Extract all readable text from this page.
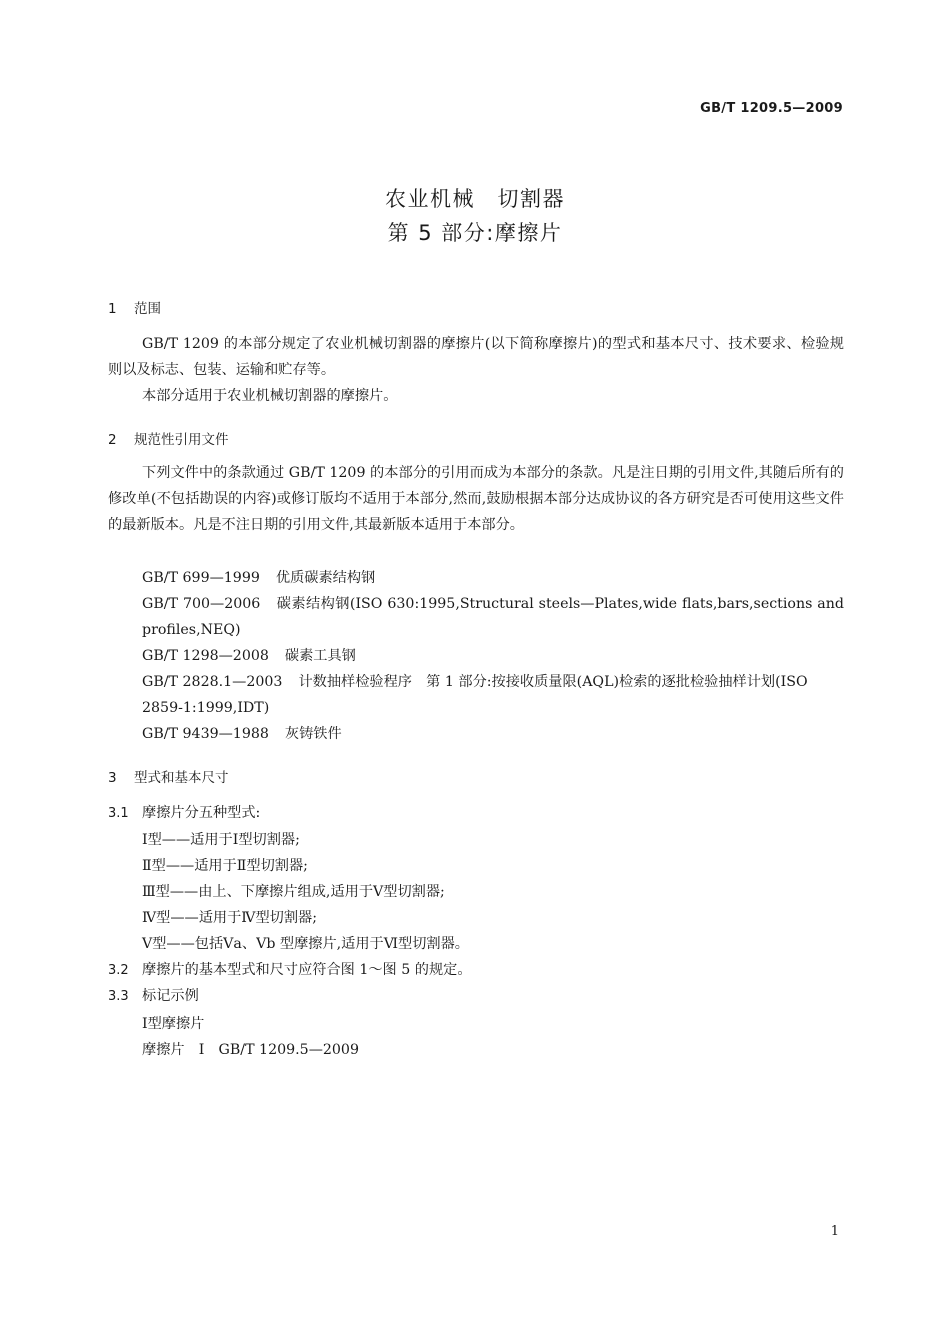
GB/T 1209.5—2009
农业机械　切割器
第 5 部分:摩擦片
1 范围

GB/T 1209 的本部分规定了农业机械切割器的摩擦片(以下简称摩擦片)的型式和基本尺寸、技术要求、检验规则以及标志、包装、运输和贮存等。

本部分适用于农业机械切割器的摩擦片。

2 规范性引用文件

下列文件中的条款通过 GB/T 1209 的本部分的引用而成为本部分的条款。凡是注日期的引用文件,其随后所有的修改单(不包括勘误的内容)或修订版均不适用于本部分,然而,鼓励根据本部分达成协议的各方研究是否可使用这些文件的最新版本。凡是不注日期的引用文件,其最新版本适用于本部分。

GB/T 699—1999 优质碳素结构钢
GB/T 700—2006 碳素结构钢(ISO 630:1995,Structural steels—Plates,wide flats,bars,sections and profiles,NEQ)
GB/T 1298—2008 碳素工具钢
GB/T 2828.1—2003 计数抽样检验程序　第 1 部分:按接收质量限(AQL)检索的逐批检验抽样计划(ISO 2859-1:1999,IDT)
GB/T 9439—1988 灰铸铁件
3 型式和基本尺寸
3.1 摩擦片分五种型式:
Ⅰ型——适用于Ⅰ型切割器;
Ⅱ型——适用于Ⅱ型切割器;
Ⅲ型——由上、下摩擦片组成,适用于Ⅴ型切割器;
Ⅳ型——适用于Ⅳ型切割器;
Ⅴ型——包括Ⅴa、Ⅴb 型摩擦片,适用于Ⅵ型切割器。
3.2 摩擦片的基本型式和尺寸应符合图 1～图 5 的规定。
3.3 标记示例
Ⅰ型摩擦片
摩擦片　Ⅰ　GB/T 1209.5—2009
1
